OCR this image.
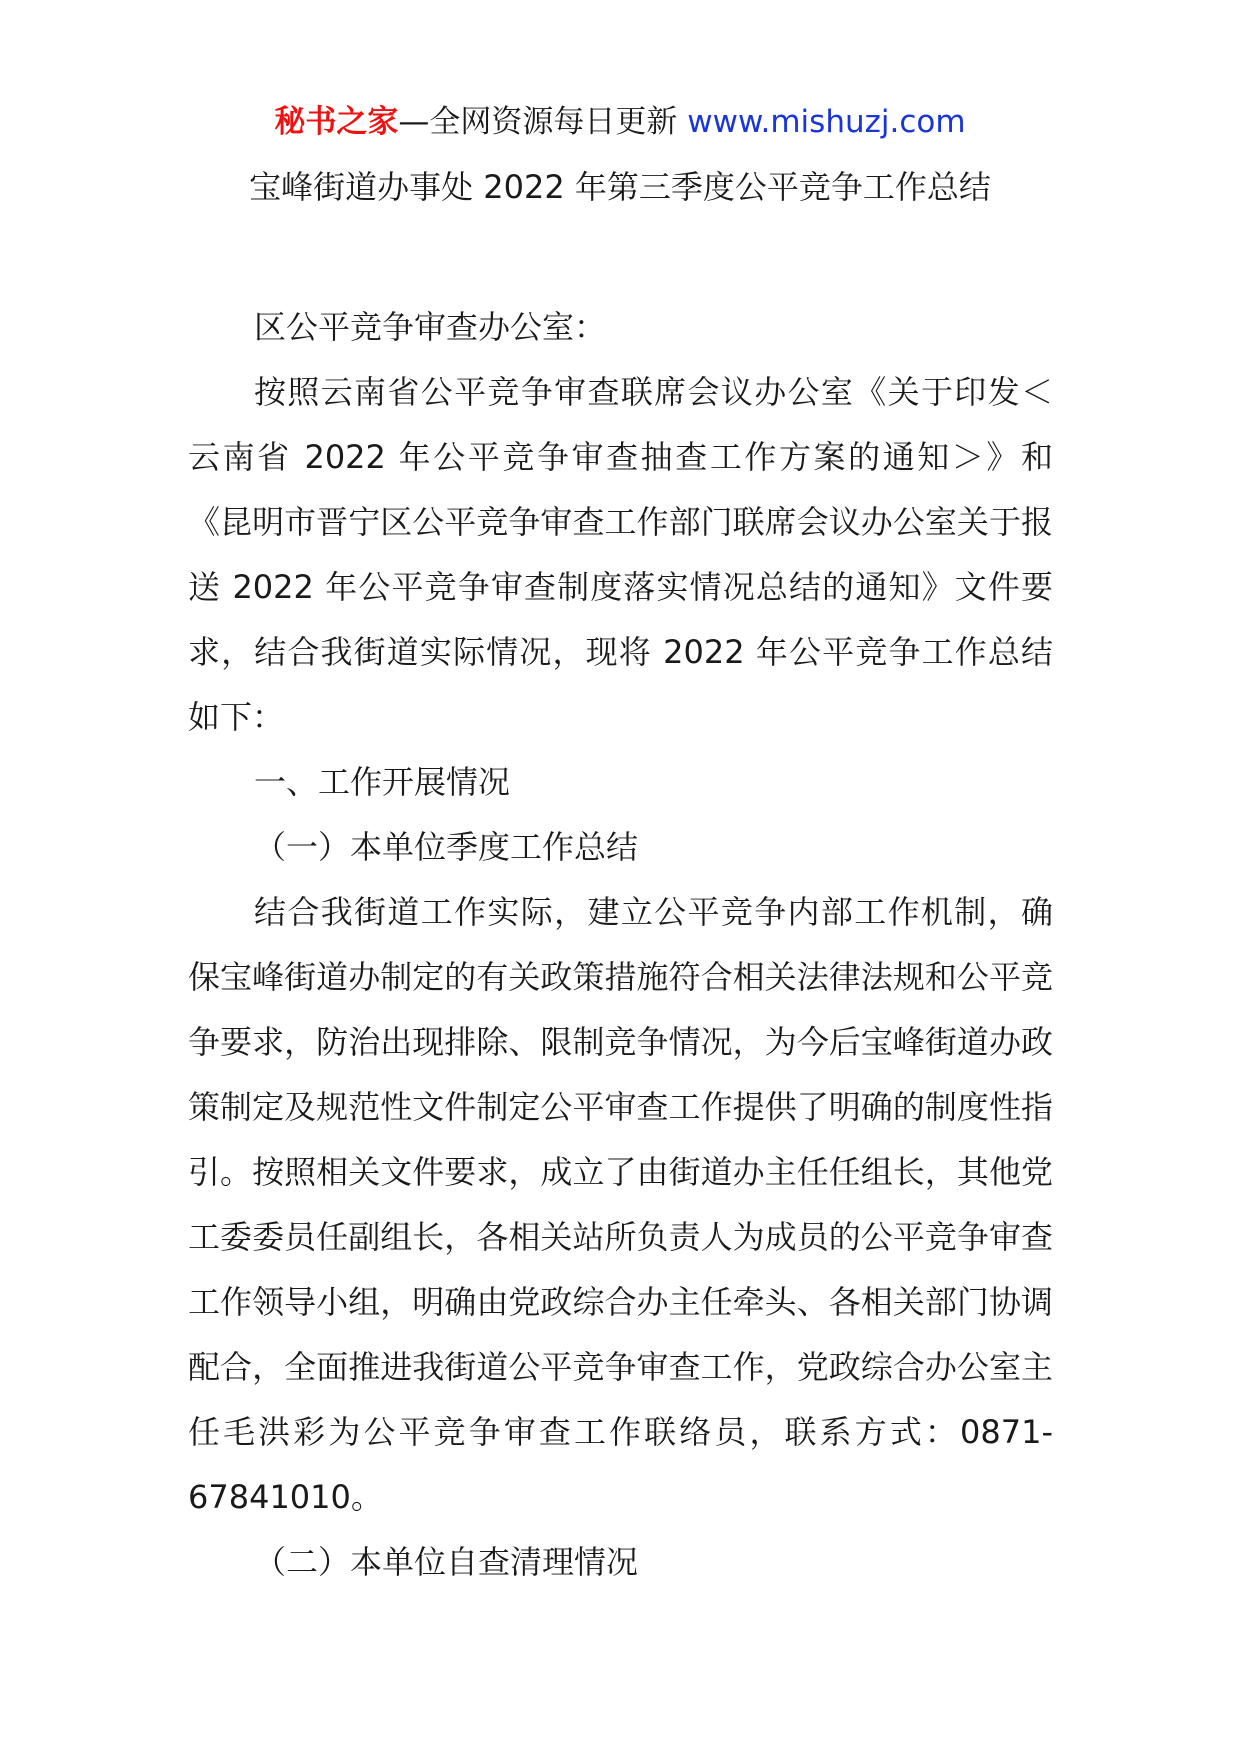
秘书之家—全网资源每日更新 www.mishuzj.com
宝峰街道办事处 2022 年第三季度公平竞争工作总结

区公平竞争审查办公室：

按照云南省公平竞争审查联席会议办公室《关于印发＜云南省 2022 年公平竞争审查抽查工作方案的通知＞》和《昆明市晋宁区公平竞争审查工作部门联席会议办公室关于报送 2022 年公平竞争审查制度落实情况总结的通知》文件要求，结合我街道实际情况，现将 2022 年公平竞争工作总结如下：

一、工作开展情况

（一）本单位季度工作总结

结合我街道工作实际，建立公平竞争内部工作机制，确保宝峰街道办制定的有关政策措施符合相关法律法规和公平竞争要求，防治出现排除、限制竞争情况，为今后宝峰街道办政策制定及规范性文件制定公平审查工作提供了明确的制度性指引。按照相关文件要求，成立了由街道办主任任组长，其他党工委委员任副组长，各相关站所负责人为成员的公平竞争审查工作领导小组，明确由党政综合办主任牵头、各相关部门协调配合，全面推进我街道公平竞争审查工作，党政综合办公室主任毛洪彩为公平竞争审查工作联络员，联系方式：0871-67841010。

（二）本单位自查清理情况
